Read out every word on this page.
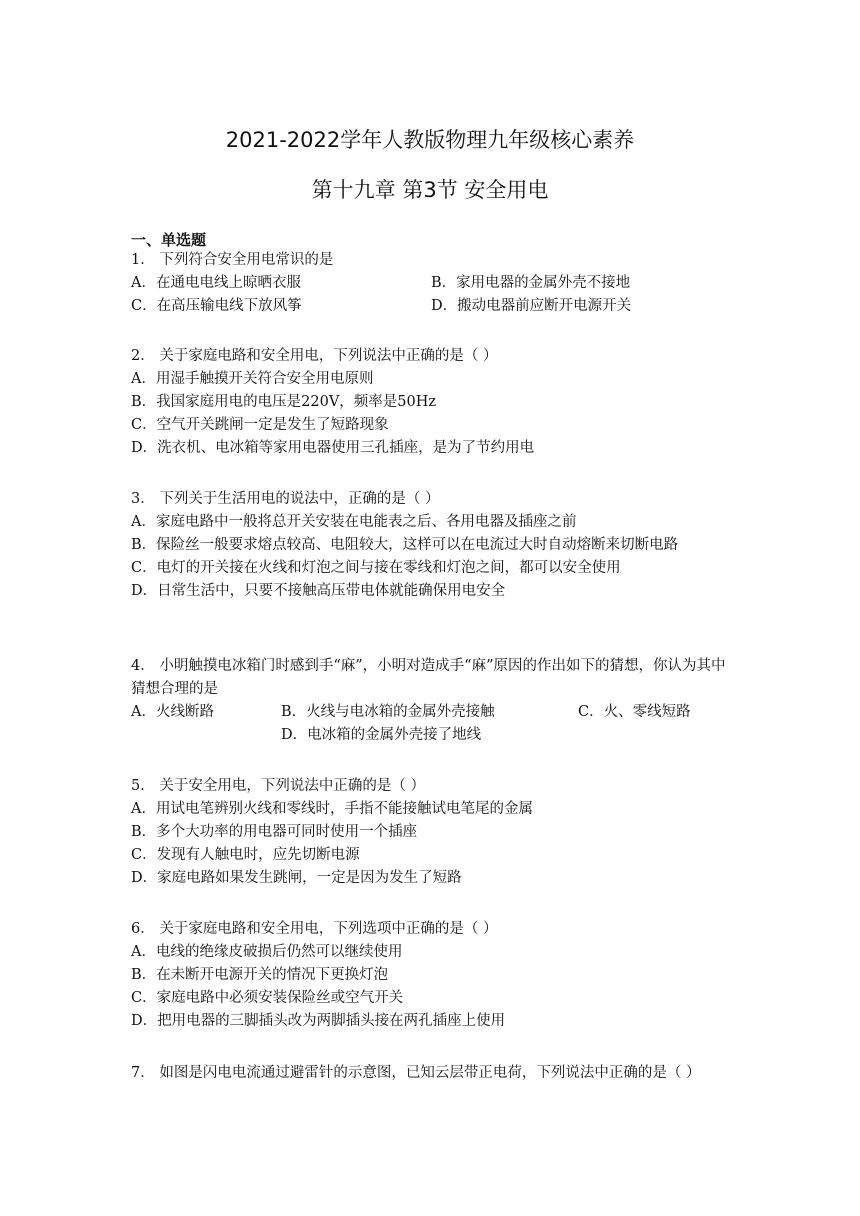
2021-2022学年人教版物理九年级核心素养
第十九章 第3节 安全用电
一、单选题
1． 下列符合安全用电常识的是
A．在通电电线上晾晒衣服	B．家用电器的金属外壳不接地
C．在高压输电线下放风筝	D．搬动电器前应断开电源开关
2． 关于家庭电路和安全用电，下列说法中正确的是（ ）
A．用湿手触摸开关符合安全用电原则
B．我国家庭用电的电压是220V，频率是50Hz
C．空气开关跳闸一定是发生了短路现象
D．洗衣机、电冰箱等家用电器使用三孔插座，是为了节约用电
3． 下列关于生活用电的说法中，正确的是（ ）
A．家庭电路中一般将总开关安装在电能表之后、各用电器及插座之前
B．保险丝一般要求熔点较高、电阻较大，这样可以在电流过大时自动熔断来切断电路
C．电灯的开关接在火线和灯泡之间与接在零线和灯泡之间，都可以安全使用
D．日常生活中，只要不接触高压带电体就能确保用电安全
4． 小明触摸电冰箱门时感到手“麻”，小明对造成手“麻”原因的作出如下的猜想，你认为其中猜想合理的是
A．火线断路	B．火线与电冰箱的金属外壳接触	C．火、零线短路
D．电冰箱的金属外壳接了地线
5． 关于安全用电，下列说法中正确的是（ ）
A．用试电笔辨别火线和零线时，手指不能接触试电笔尾的金属
B．多个大功率的用电器可同时使用一个插座
C．发现有人触电时，应先切断电源
D．家庭电路如果发生跳闸，一定是因为发生了短路
6． 关于家庭电路和安全用电，下列选项中正确的是（ ）
A．电线的绝缘皮破损后仍然可以继续使用
B．在未断开电源开关的情况下更换灯泡
C．家庭电路中必须安装保险丝或空气开关
D．把用电器的三脚插头改为两脚插头接在两孔插座上使用
7． 如图是闪电电流通过避雷针的示意图，已知云层带正电荷，下列说法中正确的是（ ）
